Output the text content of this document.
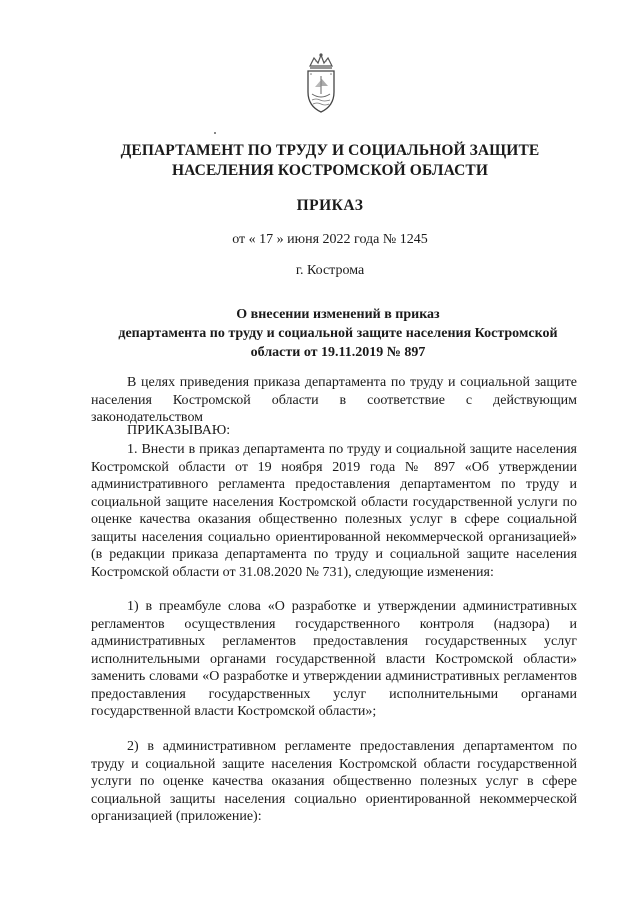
ДЕПАРТАМЕНТ ПО ТРУДУ И СОЦИАЛЬНОЙ ЗАЩИТЕ
НАСЕЛЕНИЯ КОСТРОМСКОЙ ОБЛАСТИ
ПРИКАЗ
от « 17 » июня 2022 года № 1245
г. Кострома
О внесении изменений в приказ
департамента по труду и социальной защите населения Костромской
области от 19.11.2019 № 897
В целях приведения приказа департамента по труду и социальной защите населения Костромской области в соответствие с действующим законодательством
ПРИКАЗЫВАЮ:
1. Внести в приказ департамента по труду и социальной защите населения Костромской области от 19 ноября 2019 года № 897 «Об утверждении административного регламента предоставления департаментом по труду и социальной защите населения Костромской области государственной услуги по оценке качества оказания общественно полезных услуг в сфере социальной защиты населения социально ориентированной некоммерческой организацией» (в редакции приказа департамента по труду и социальной защите населения Костромской области от 31.08.2020 № 731), следующие изменения:
1) в преамбуле слова «О разработке и утверждении административных регламентов осуществления государственного контроля (надзора) и административных регламентов предоставления государственных услуг исполнительными органами государственной власти Костромской области» заменить словами «О разработке и утверждении административных регламентов предоставления государственных услуг исполнительными органами государственной власти Костромской области»;
2) в административном регламенте предоставления департаментом по труду и социальной защите населения Костромской области государственной услуги по оценке качества оказания общественно полезных услуг в сфере социальной защиты населения социально ориентированной некоммерческой организацией (приложение):
